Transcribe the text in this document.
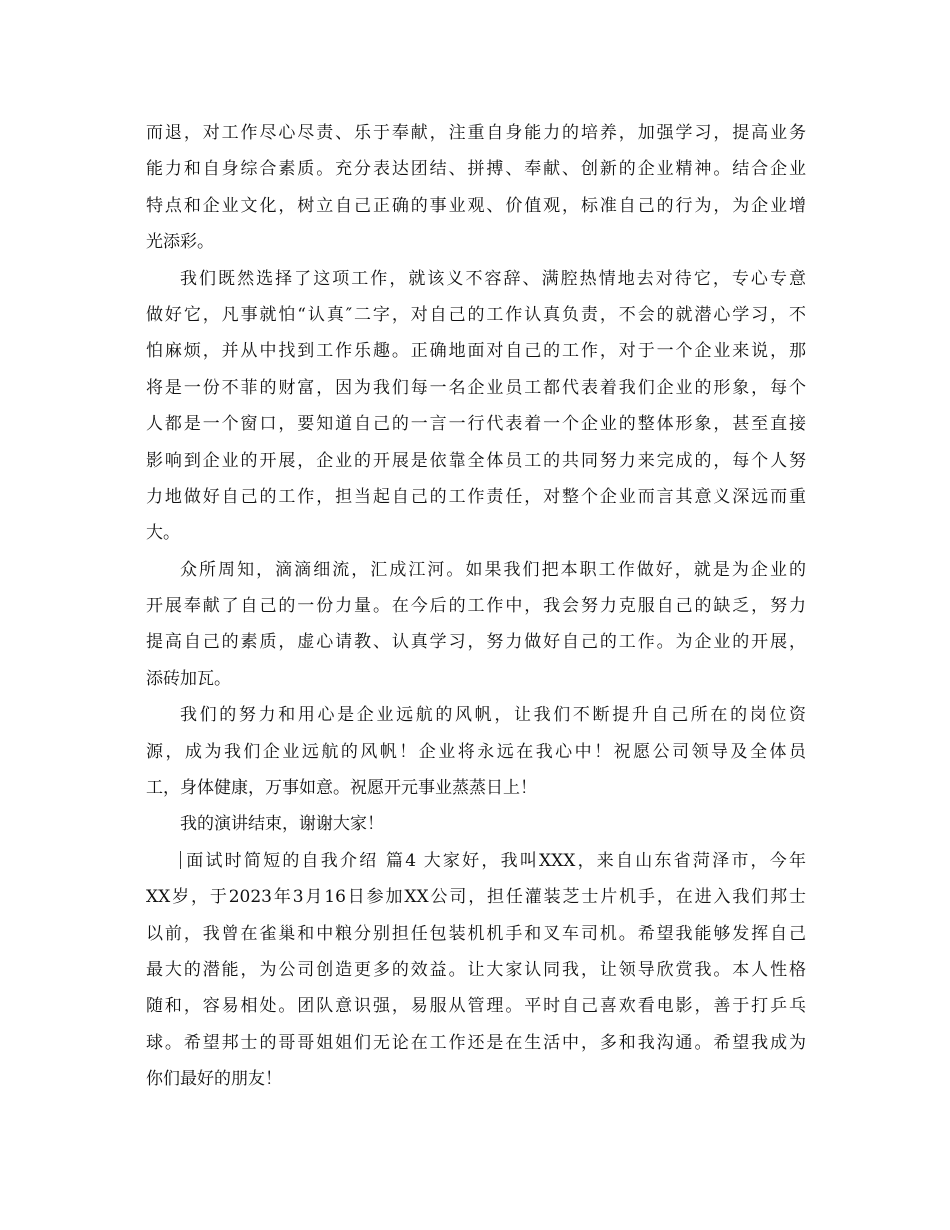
而退，对工作尽心尽责、乐于奉献，注重自身能力的培养，加强学习，提高业务
能力和自身综合素质。充分表达团结、拼搏、奉献、创新的企业精神。结合企业
特点和企业文化，树立自己正确的事业观、价值观，标准自己的行为，为企业增
光添彩。
我们既然选择了这项工作，就该义不容辞、满腔热情地去对待它，专心专意
做好它，凡事就怕“认真″二字，对自己的工作认真负责，不会的就潜心学习，不
怕麻烦，并从中找到工作乐趣。正确地面对自己的工作，对于一个企业来说，那
将是一份不菲的财富，因为我们每一名企业员工都代表着我们企业的形象，每个
人都是一个窗口，要知道自己的一言一行代表着一个企业的整体形象，甚至直接
影响到企业的开展，企业的开展是依靠全体员工的共同努力来完成的，每个人努
力地做好自己的工作，担当起自己的工作责任，对整个企业而言其意义深远而重
大。
众所周知，滴滴细流，汇成江河。如果我们把本职工作做好，就是为企业的
开展奉献了自己的一份力量。在今后的工作中，我会努力克服自己的缺乏，努力
提高自己的素质，虚心请教、认真学习，努力做好自己的工作。为企业的开展，
添砖加瓦。
我们的努力和用心是企业远航的风帆，让我们不断提升自己所在的岗位资
源，成为我们企业远航的风帆！企业将永远在我心中！祝愿公司领导及全体员
工，身体健康，万事如意。祝愿开元事业蒸蒸日上！
我的演讲结束，谢谢大家！
面试时简短的自我介绍 篇4 大家好，我叫XXX，来自山东省菏泽市，今年
XX岁，于2023年3月16日参加XX公司，担任灌装芝士片机手，在进入我们邦士
以前，我曾在雀巢和中粮分别担任包装机机手和叉车司机。希望我能够发挥自己
最大的潜能，为公司创造更多的效益。让大家认同我，让领导欣赏我。本人性格
随和，容易相处。团队意识强，易服从管理。平时自己喜欢看电影，善于打乒乓
球。希望邦士的哥哥姐姐们无论在工作还是在生活中，多和我沟通。希望我成为
你们最好的朋友！
